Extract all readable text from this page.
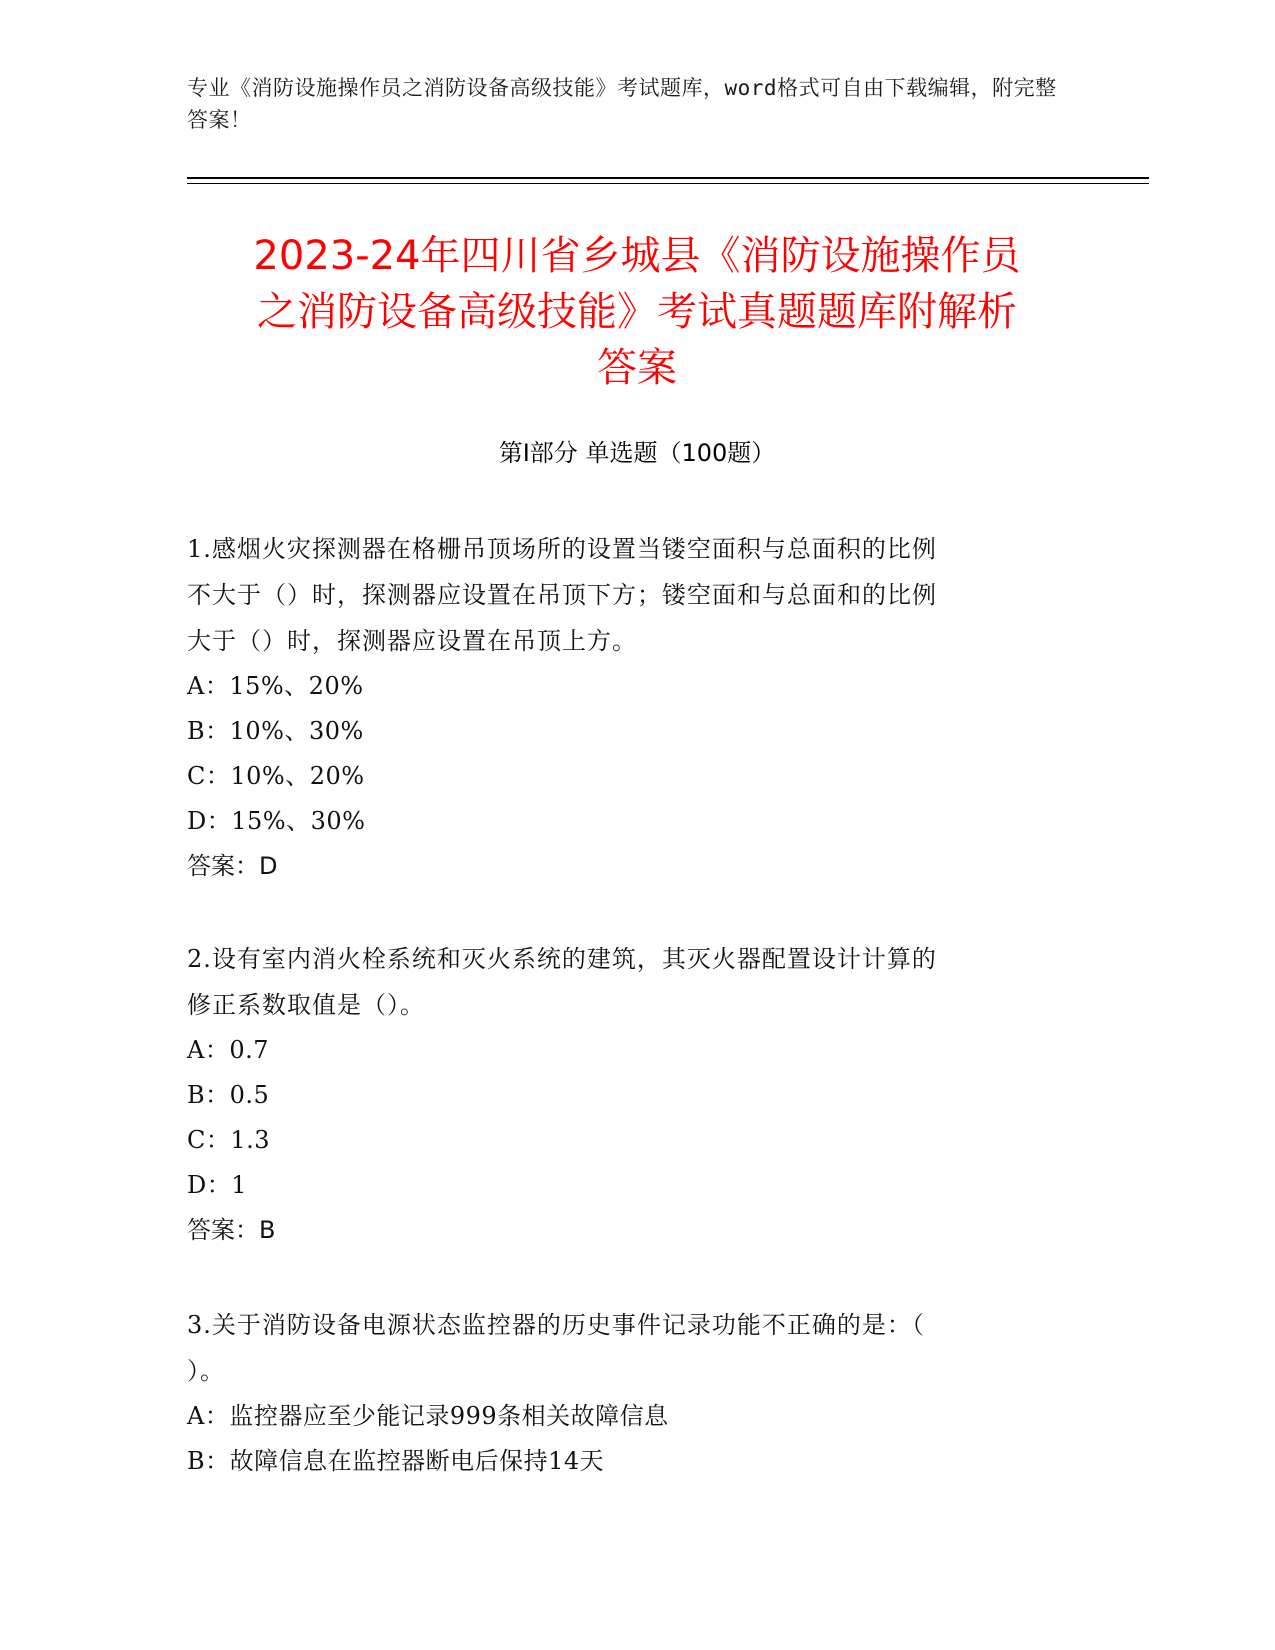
专业《消防设施操作员之消防设备高级技能》考试题库，word格式可自由下载编辑，附完整答案！
2023-24年四川省乡城县《消防设施操作员
之消防设备高级技能》考试真题题库附解析
答案
第I部分 单选题（100题）

1.感烟火灾探测器在格栅吊顶场所的设置当镂空面积与总面积的比例
不大于（）时，探测器应设置在吊顶下方；镂空面和与总面和的比例
大于（）时，探测器应设置在吊顶上方。

A：15%、20%

B：10%、30%

C：10%、20%

D：15%、30%

答案：D

2.设有室内消火栓系统和灭火系统的建筑，其灭火器配置设计计算的
修正系数取值是（）。

A：0.7

B：0.5

C：1.3

D：1

答案：B

3.关于消防设备电源状态监控器的历史事件记录功能不正确的是：（
）。

A：监控器应至少能记录999条相关故障信息

B：故障信息在监控器断电后保持14天
